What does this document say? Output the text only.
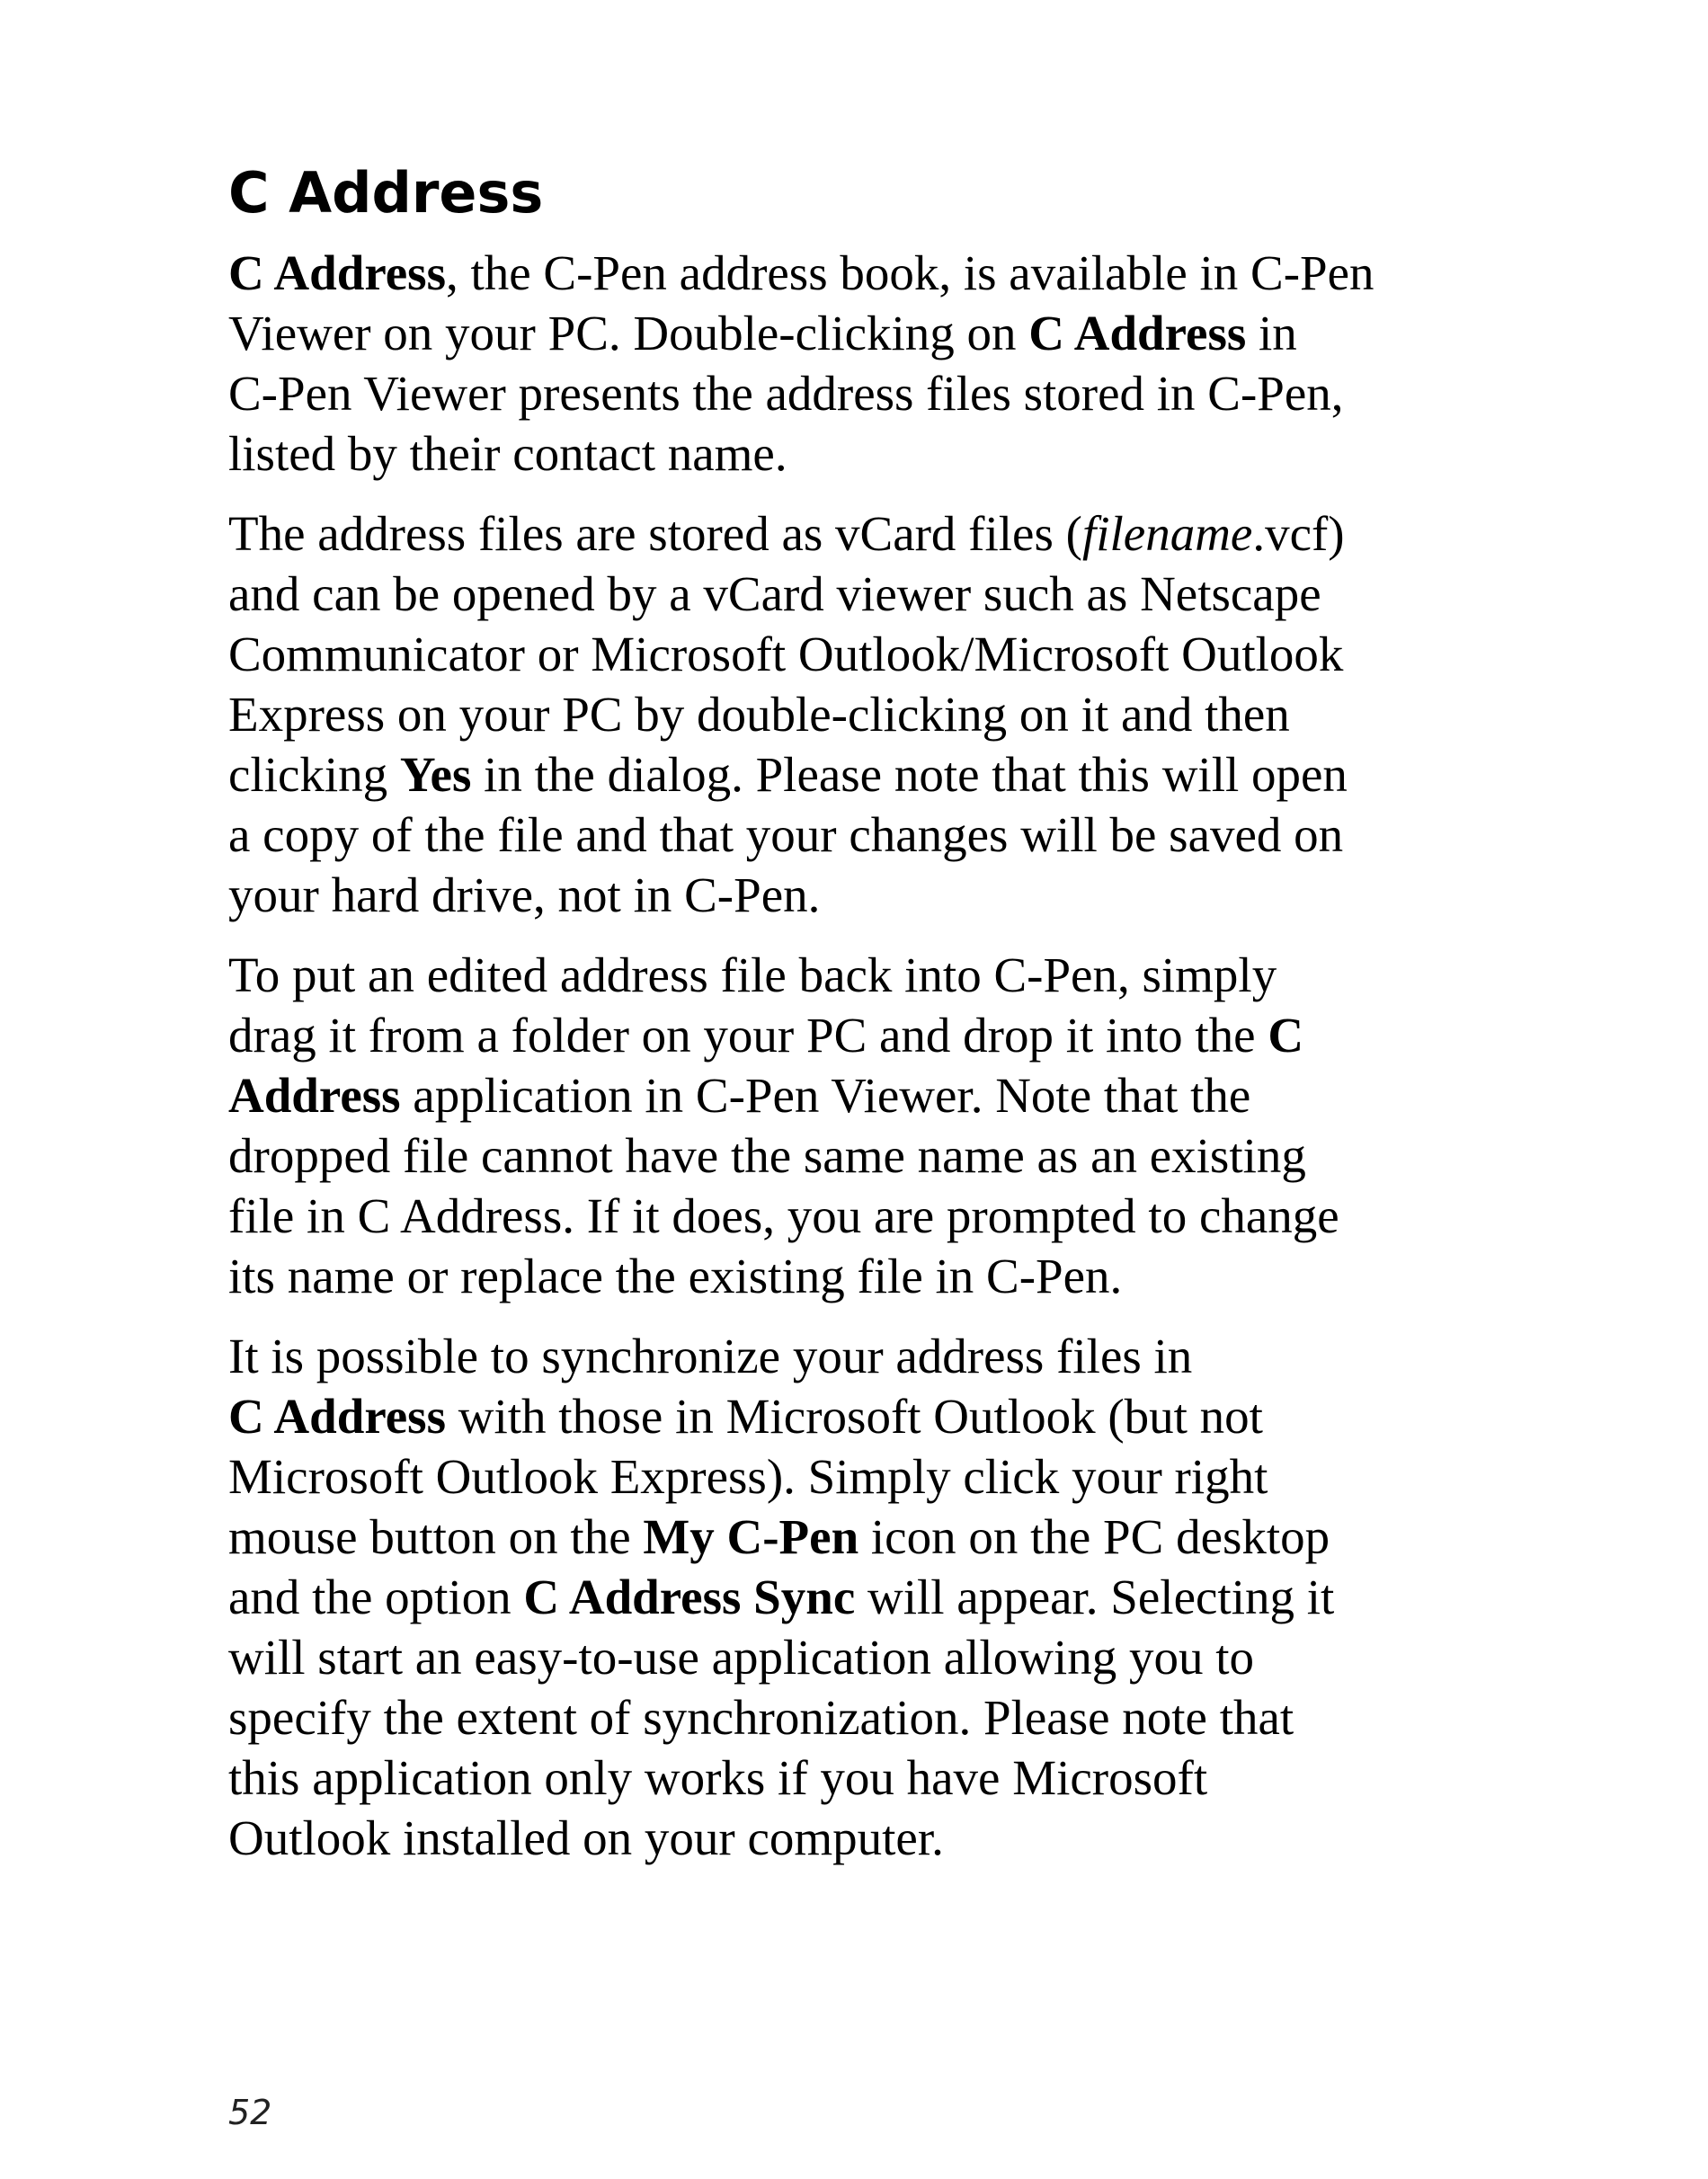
C Address

C Address, the C-Pen address book, is available in C-Pen
Viewer on your PC. Double-clicking on C Address in
C-Pen Viewer presents the address files stored in C-Pen,
listed by their contact name.

The address files are stored as vCard files (filename.vcf)
and can be opened by a vCard viewer such as Netscape
Communicator or Microsoft Outlook/Microsoft Outlook
Express on your PC by double-clicking on it and then
clicking Yes in the dialog. Please note that this will open
a copy of the file and that your changes will be saved on
your hard drive, not in C-Pen.

To put an edited address file back into C-Pen, simply
drag it from a folder on your PC and drop it into the C
Address application in C-Pen Viewer. Note that the
dropped file cannot have the same name as an existing
file in C Address. If it does, you are prompted to change
its name or replace the existing file in C-Pen.

It is possible to synchronize your address files in
C Address with those in Microsoft Outlook (but not
Microsoft Outlook Express). Simply click your right
mouse button on the My C-Pen icon on the PC desktop
and the option C Address Sync will appear. Selecting it
will start an easy-to-use application allowing you to
specify the extent of synchronization. Please note that
this application only works if you have Microsoft
Outlook installed on your computer.

52
